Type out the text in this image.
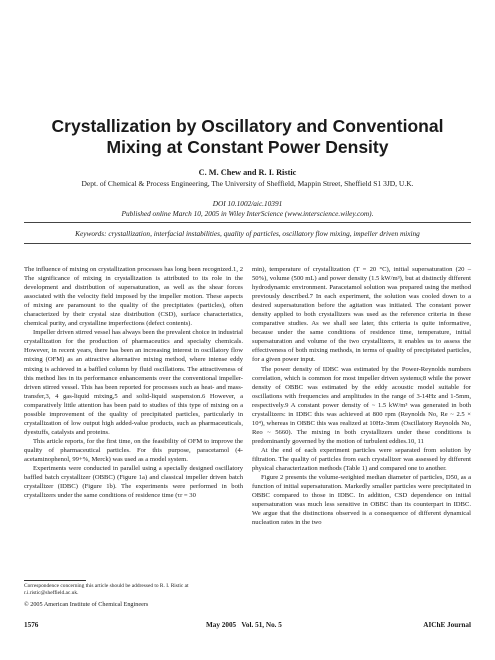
Crystallization by Oscillatory and Conventional
Mixing at Constant Power Density

C. M. Chew and R. I. Ristic

Dept. of Chemical & Process Engineering, The University of Sheffield, Mappin Street, Sheffield S1 3JD, U.K.

DOI 10.1002/aic.10391

Published online March 10, 2005 in Wiley InterScience (www.interscience.wiley.com).

Keywords: crystallization, interfacial instabilities, quality of particles, oscillatory flow mixing, impeller driven mixing

The influence of mixing on crystallization processes has long been recognized.1, 2 The significance of mixing in crystallization is attributed to its role in the development and distribution of supersaturation, as well as the shear forces associated with the velocity field imposed by the impeller motion. These aspects of mixing are paramount to the quality of the precipitates (particles), often characterized by their crystal size distribution (CSD), surface characteristics, chemical purity, and crystalline imperfections (defect contents).

Impeller driven stirred vessel has always been the prevalent choice in industrial crystallization for the production of pharmaceutics and specialty chemicals. However, in recent years, there has been an increasing interest in oscillatory flow mixing (OFM) as an attractive alternative mixing method, where intense eddy mixing is achieved in a baffled column by fluid oscillations. The attractiveness of this method lies in its performance enhancements over the conventional impeller-driven stirred vessel. This has been reported for processes such as heat- and mass- transfer,3, 4 gas-liquid mixing,5 and solid-liquid suspension.6 However, a comparatively little attention has been paid to studies of this type of mixing on a possible improvement of the quality of precipitated particles, particularly in crystallization of low output high added-value products, such as pharmaceuticals, dyestuffs, catalysts and proteins.

This article reports, for the first time, on the feasibility of OFM to improve the quality of pharmaceutical particles. For this purpose, paracetamol (4-acetaminophenol, 99+%, Merck) was used as a model system.

Experiments were conducted in parallel using a specially designed oscillatory baffled batch crystallizer (OBBC) (Figure 1a) and classical impeller driven batch crystallizer (IDBC) (Figure 1b). The experiments were performed in both crystallizers under the same conditions of residence time (τr = 30

min), temperature of crystallization (T = 20 °C), initial supersaturation (20 – 50%), volume (500 mL) and power density (1.5 kW/m³), but at distinctly different hydrodynamic environment. Paracetamol solution was prepared using the method previously described.7 In each experiment, the solution was cooled down to a desired supersaturation before the agitation was initiated. The constant power density applied to both crystallizers was used as the reference criteria in these comparative studies. As we shall see later, this criteria is quite informative, because under the same conditions of residence time, temperature, initial supersaturation and volume of the two crystallizers, it enables us to assess the effectiveness of both mixing methods, in terms of quality of precipitated particles, for a given power input.

The power density of IDBC was estimated by the Power-Reynolds numbers correlation, which is common for most impeller driven systems;8 while the power density of OBBC was estimated by the eddy acoustic model suitable for oscillations with frequencies and amplitudes in the range of 3-14Hz and 1-5mm, respectively.9 A constant power density of ~ 1.5 kW/m³ was generated in both crystallizers: in IDBC this was achieved at 800 rpm (Reynolds No, Re ~ 2.5 × 10⁴), whereas in OBBC this was realized at 10Hz-3mm (Oscillatory Reynolds No, Reo ~ 5660). The mixing in both crystallizers under these conditions is predominantly governed by the motion of turbulent eddies.10, 11

At the end of each experiment particles were separated from solution by filtration. The quality of particles from each crystallizer was assessed by different physical characterization methods (Table 1) and compared one to another.

Figure 2 presents the volume-weighted median diameter of particles, D50, as a function of initial supersaturation. Markedly smaller particles were precipitated in OBBC compared to those in IDBC. In addition, CSD dependence on initial supersaturation was much less sensitive in OBBC than its counterpart in IDBC. We argue that the distinctions observed is a consequence of different dynamical nucleation rates in the two

Correspondence concerning this article should be addressed to R. I. Ristic at r.i.ristic@sheffield.ac.uk.

© 2005 American Institute of Chemical Engineers

1576	May 2005   Vol. 51, No. 5	AIChE Journal
